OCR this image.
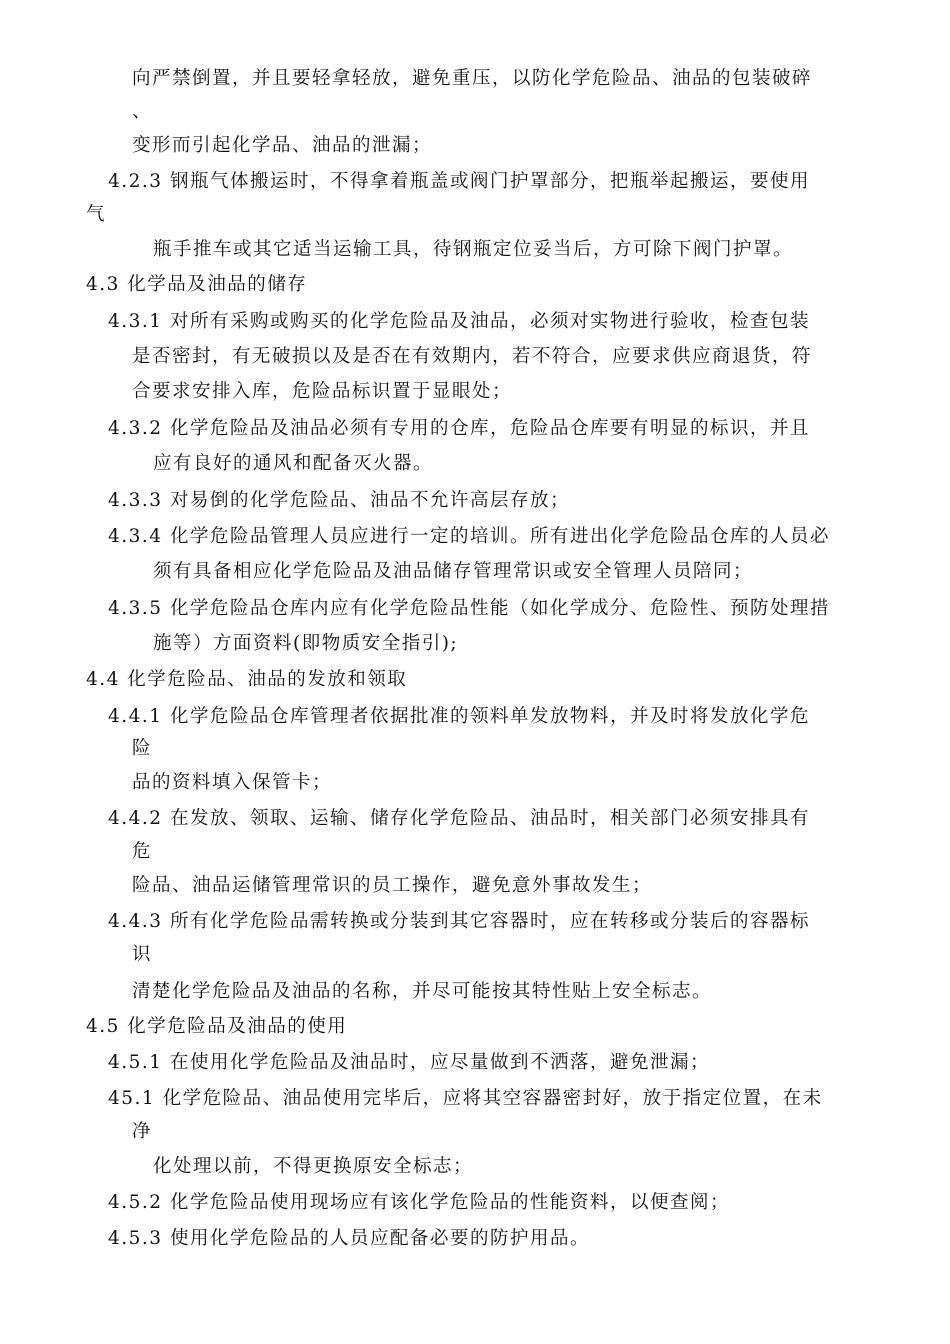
向严禁倒置，并且要轻拿轻放，避免重压，以防化学危险品、油品的包装破碎
、
变形而引起化学品、油品的泄漏；
4.2.3 钢瓶气体搬运时，不得拿着瓶盖或阀门护罩部分，把瓶举起搬运，要使用
气
瓶手推车或其它适当运输工具，待钢瓶定位妥当后，方可除下阀门护罩。
4.3 化学品及油品的储存
4.3.1 对所有采购或购买的化学危险品及油品，必须对实物进行验收，检查包装
是否密封，有无破损以及是否在有效期内，若不符合，应要求供应商退货，符
合要求安排入库，危险品标识置于显眼处；
4.3.2 化学危险品及油品必须有专用的仓库，危险品仓库要有明显的标识，并且
应有良好的通风和配备灭火器。
4.3.3 对易倒的化学危险品、油品不允许高层存放；
4.3.4 化学危险品管理人员应进行一定的培训。所有进出化学危险品仓库的人员必
须有具备相应化学危险品及油品储存管理常识或安全管理人员陪同；
4.3.5 化学危险品仓库内应有化学危险品性能（如化学成分、危险性、预防处理措
施等）方面资料(即物质安全指引);
4.4 化学危险品、油品的发放和领取
4.4.1 化学危险品仓库管理者依据批准的领料单发放物料，并及时将发放化学危
险
品的资料填入保管卡；
4.4.2 在发放、领取、运输、储存化学危险品、油品时，相关部门必须安排具有
危
险品、油品运储管理常识的员工操作，避免意外事故发生；
4.4.3 所有化学危险品需转换或分装到其它容器时，应在转移或分装后的容器标
识
清楚化学危险品及油品的名称，并尽可能按其特性贴上安全标志。
4.5 化学危险品及油品的使用
4.5.1 在使用化学危险品及油品时，应尽量做到不洒落，避免泄漏；
45.1 化学危险品、油品使用完毕后，应将其空容器密封好，放于指定位置，在未
净
化处理以前，不得更换原安全标志；
4.5.2 化学危险品使用现场应有该化学危险品的性能资料，以便查阅；
4.5.3 使用化学危险品的人员应配备必要的防护用品。
